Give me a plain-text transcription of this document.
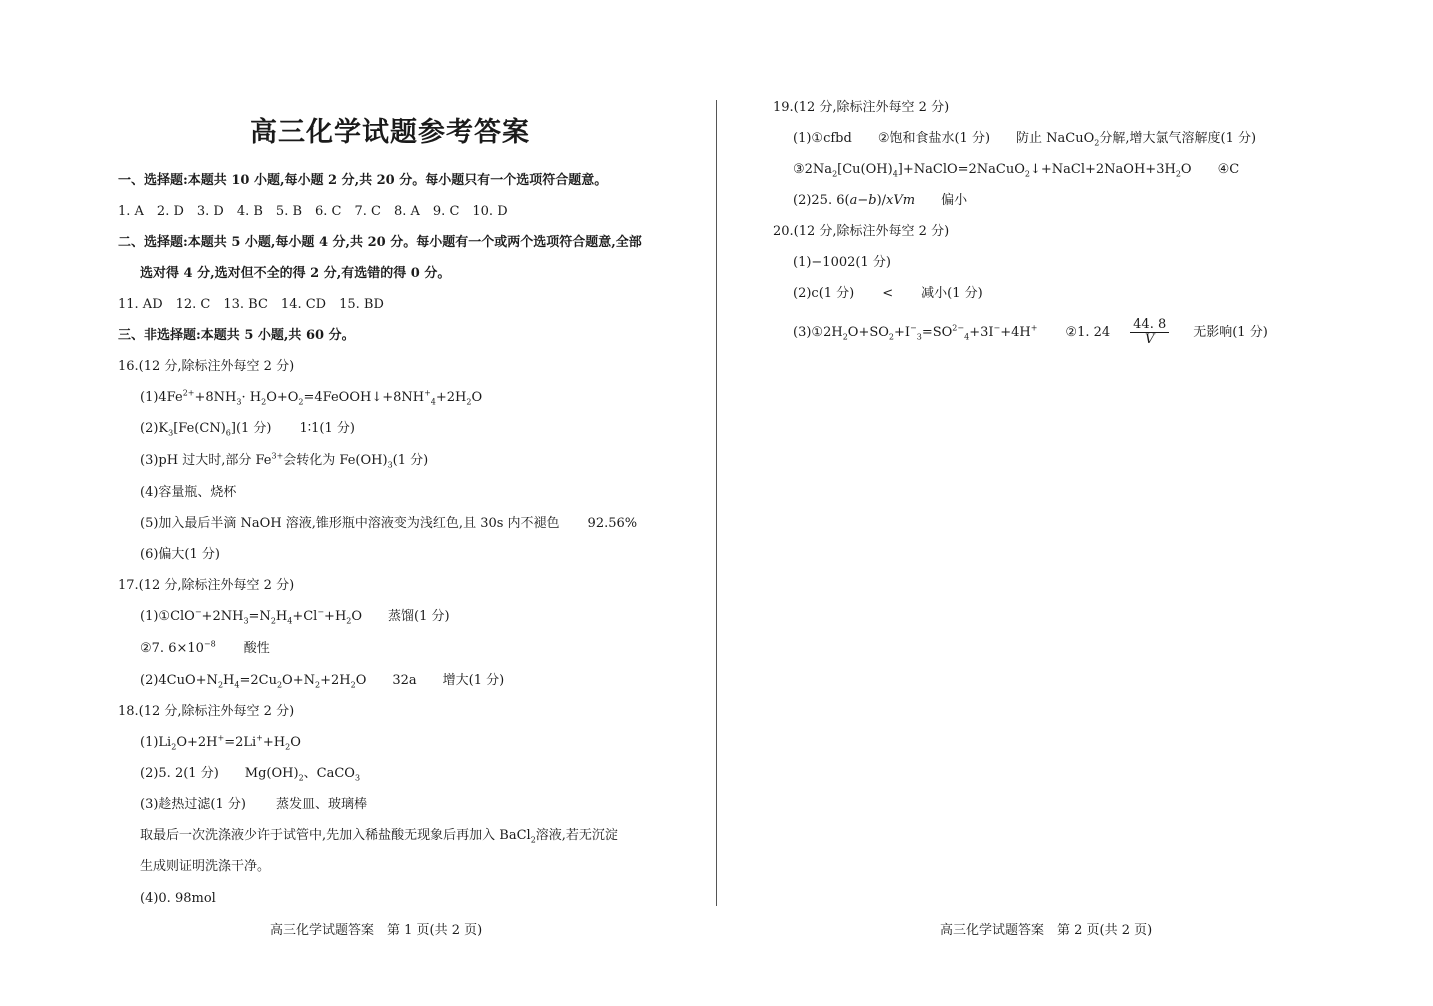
高三化学试题参考答案
一、选择题:本题共 10 小题,每小题 2 分,共 20 分。每小题只有一个选项符合题意。
1. A　2. D　3. D　4. B　5. B　6. C　7. C　8. A　9. C　10. D
二、选择题:本题共 5 小题,每小题 4 分,共 20 分。每小题有一个或两个选项符合题意,全部
选对得 4 分,选对但不全的得 2 分,有选错的得 0 分。
11. AD　12. C　13. BC　14. CD　15. BD
三、非选择题:本题共 5 小题,共 60 分。
16.(12 分,除标注外每空 2 分)
$(1)4Fe^{2+}+8NH_3\cdot$ $H_2O+O_2=4FeOOH↓+8NH^+_4+2H_2O$
$(2)K_3[Fe(CN)_6](1$ 分) 1∶1(1 分)
(3)pH 过大时,部分 $Fe^{3+}$会转化为 $Fe(OH)_3(1$ 分)
(4)容量瓶、烧杯
(5)加入最后半滴 NaOH 溶液,锥形瓶中溶液变为浅红色,且 30s 内不褪色 92.56%
(6)偏大(1 分)
17.(12 分,除标注外每空 2 分)
$(1)①ClO^-+2NH_3=N_2H_4+Cl^-+H_2O$ 蒸馏(1 分)
②7. $6\times 10^{-8}$ 酸性
$(2)4CuO+N_2H_4=2Cu_2O+N_2+2H_2O$ 32a 增大(1 分)
18.(12 分,除标注外每空 2 分)
$(1)Li_2O+2H^+=2Li^++H_2O$
(2)5. 2(1 分) $Mg(OH)_2$、CaCO$_3$
(3)趁热过滤(1 分) 蒸发皿、玻璃棒
取最后一次洗涤液少许于试管中,先加入稀盐酸无现象后再加入 BaCl$_2$溶液,若无沉淀
生成则证明洗涤干净。
(4)0. 98mol
高三化学试题答案　第 1 页(共 2 页)
19.(12 分,除标注外每空 2 分)
(1)①cfbd ②饱和食盐水(1 分) 防止 NaCuO$_2$分解,增大氯气溶解度(1 分)
$③2Na_2[Cu(OH)_4]+NaClO=2NaCuO_2↓+NaCl+2NaOH+3H_2O$ ④C
(2)25. 6(a−b)/xVm 偏小
20.(12 分,除标注外每空 2 分)
(1)−1002(1 分)
(2)c(1 分) < 减小(1 分)
$(3)①2H_2O+SO_2+I^-_3=SO^{2-}_4+3I^-+4H^+$ ②1. $24 \frac{44. 8}{V}$ 无影响(1 分)
高三化学试题答案　第 2 页(共 2 页)
